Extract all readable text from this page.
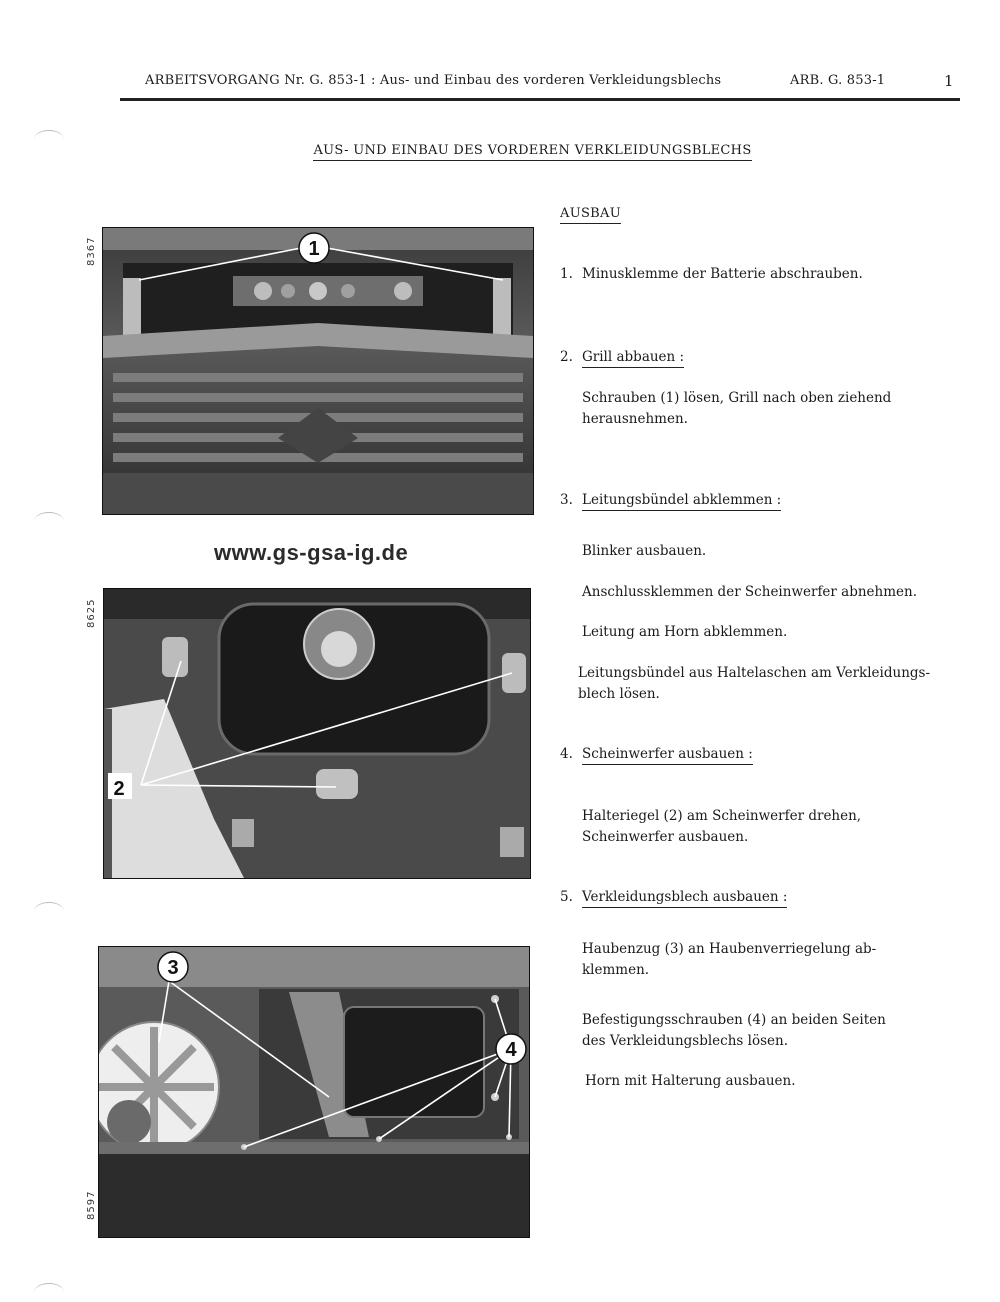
ARBEITSVORGANG Nr. G. 853-1 : Aus- und Einbau des vorderen Verkleidungsblechs	ARB. G. 853-1	1
AUS- UND EINBAU DES VORDEREN VERKLEIDUNGSBLECHS
AUSBAU
8367	1
www.gs-gsa-ig.de
8625
2
8597
3
4
1. Minusklemme der Batterie abschrauben.
2. Grill abbauen :
Schrauben (1) lösen, Grill nach oben ziehend herausnehmen.
3. Leitungsbündel abklemmen :
Blinker ausbauen.
Anschlussklemmen der Scheinwerfer abnehmen.
Leitung am Horn abklemmen.
Leitungsbündel aus Haltelaschen am Verkleidungs- blech lösen.
4. Scheinwerfer ausbauen :
Halteriegel (2) am Scheinwerfer drehen, Scheinwerfer ausbauen.
5. Verkleidungsblech ausbauen :
Haubenzug (3) an Haubenverriegelung ab- klemmen.
Befestigungsschrauben (4) an beiden Seiten des Verkleidungsblechs lösen.
Horn mit Halterung ausbauen.
